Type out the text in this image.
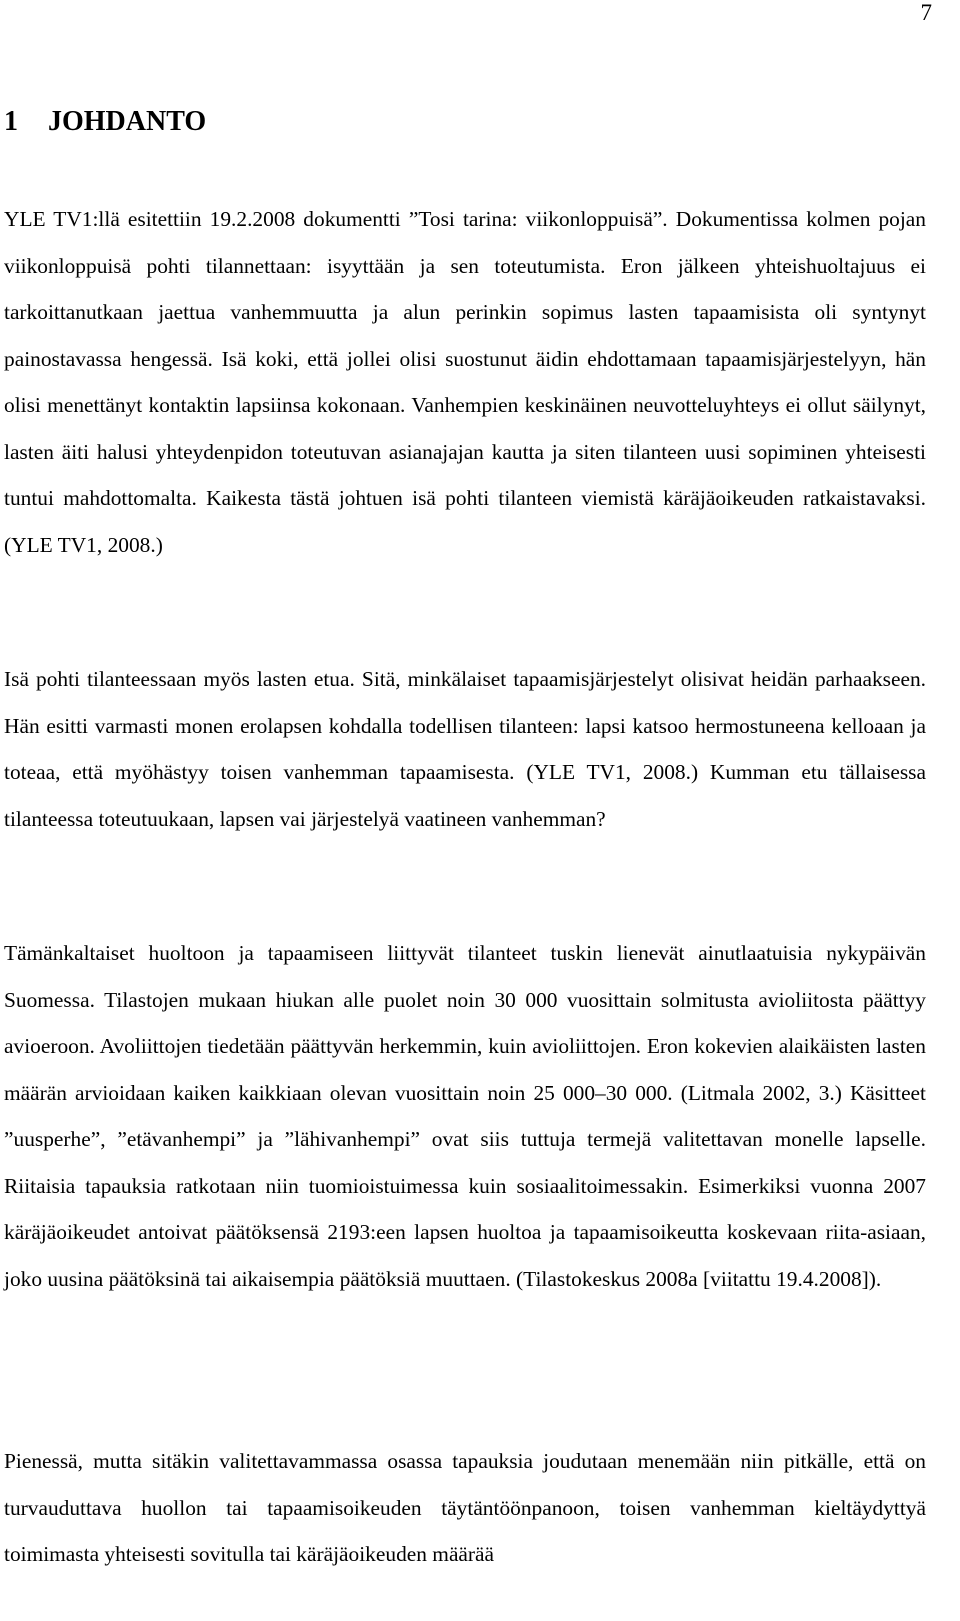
7
1 JOHDANTO

YLE TV1:llä esitettiin 19.2.2008 dokumentti ”Tosi tarina: viikonloppuisä”. Dokumentissa kolmen pojan viikonloppuisä pohti tilannettaan: isyyttään ja sen toteutumista. Eron jälkeen yhteishuoltajuus ei tarkoittanutkaan jaettua vanhemmuutta ja alun perinkin sopimus lasten tapaamisista oli syntynyt painostavassa hengessä. Isä koki, että jollei olisi suostunut äidin ehdottamaan tapaamisjärjestelyyn, hän olisi menettänyt kontaktin lapsiinsa kokonaan. Vanhempien keskinäinen neuvotteluyhteys ei ollut säilynyt, lasten äiti halusi yhteydenpidon toteutuvan asianajajan kautta ja siten tilanteen uusi sopiminen yhteisesti tuntui mahdottomalta. Kaikesta tästä johtuen isä pohti tilanteen viemistä käräjäoikeuden ratkaistavaksi. (YLE TV1, 2008.)

Isä pohti tilanteessaan myös lasten etua. Sitä, minkälaiset tapaamisjärjestelyt olisivat heidän parhaakseen. Hän esitti varmasti monen erolapsen kohdalla todellisen tilanteen: lapsi katsoo hermostuneena kelloaan ja toteaa, että myöhästyy toisen vanhemman tapaamisesta. (YLE TV1, 2008.) Kumman etu tällaisessa tilanteessa toteutuukaan, lapsen vai järjestelyä vaatineen vanhemman?

Tämänkaltaiset huoltoon ja tapaamiseen liittyvät tilanteet tuskin lienevät ainutlaatuisia nykypäivän Suomessa. Tilastojen mukaan hiukan alle puolet noin 30 000 vuosittain solmitusta avioliitosta päättyy avioeroon. Avoliittojen tiedetään päättyvän herkemmin, kuin avioliittojen. Eron kokevien alaikäisten lasten määrän arvioidaan kaiken kaikkiaan olevan vuosittain noin 25 000–30 000. (Litmala 2002, 3.) Käsitteet ”uusperhe”, ”etävanhempi” ja ”lähivanhempi” ovat siis tuttuja termejä valitettavan monelle lapselle. Riitaisia tapauksia ratkotaan niin tuomioistuimessa kuin sosiaalitoimessakin. Esimerkiksi vuonna 2007 käräjäoikeudet antoivat päätöksensä 2193:een lapsen huoltoa ja tapaamisoikeutta koskevaan riita-asiaan, joko uusina päätöksinä tai aikaisempia päätöksiä muuttaen. (Tilastokeskus 2008a [viitattu 19.4.2008]).

Pienessä, mutta sitäkin valitettavammassa osassa tapauksia joudutaan menemään niin pitkälle, että on turvauduttava huollon tai tapaamisoikeuden täytäntöönpanoon, toisen vanhemman kieltäydyttyä toimimasta yhteisesti sovitulla tai käräjäoikeuden määrää
